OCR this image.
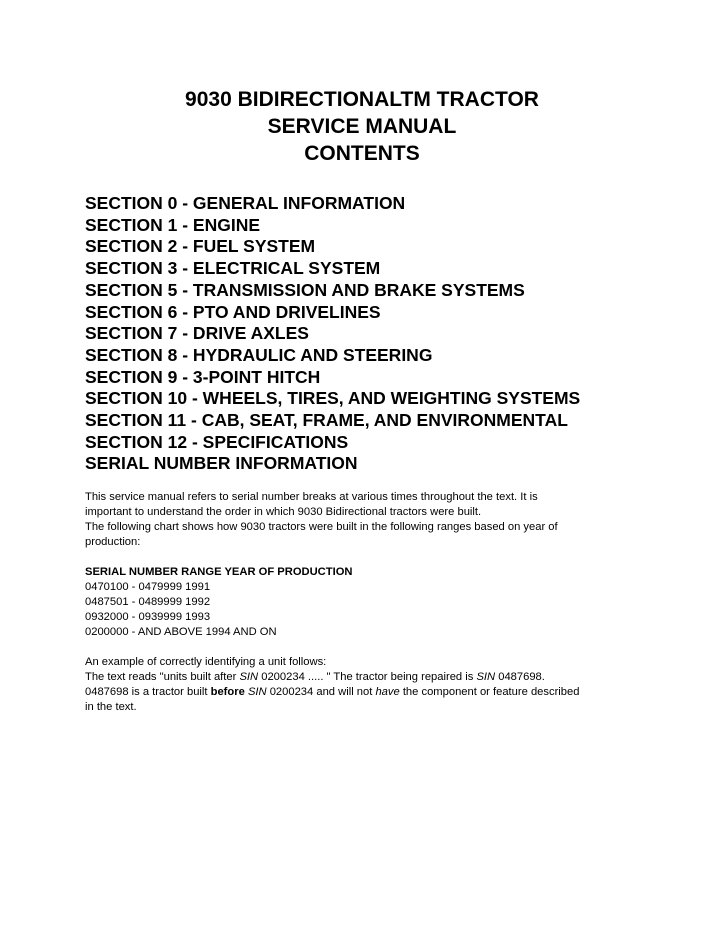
9030 BIDIRECTIONALTM TRACTOR
SERVICE MANUAL
CONTENTS
SECTION 0 - GENERAL INFORMATION
SECTION 1 - ENGINE
SECTION 2 - FUEL SYSTEM
SECTION 3 - ELECTRICAL SYSTEM
SECTION 5 - TRANSMISSION AND BRAKE SYSTEMS
SECTION 6 - PTO AND DRIVELINES
SECTION 7 - DRIVE AXLES
SECTION 8 - HYDRAULIC AND STEERING
SECTION 9 - 3-POINT HITCH
SECTION 10 - WHEELS, TIRES, AND WEIGHTING SYSTEMS
SECTION 11 - CAB, SEAT, FRAME, AND ENVIRONMENTAL
SECTION 12 - SPECIFICATIONS
SERIAL NUMBER INFORMATION
This service manual refers to serial number breaks at various times throughout the text. It is
important to understand the order in which 9030 Bidirectional tractors were built.
The following chart shows how 9030 tractors were built in the following ranges based on year of
production:
SERIAL NUMBER RANGE YEAR OF PRODUCTION
0470100 - 0479999 1991
0487501 - 0489999 1992
0932000 - 0939999 1993
0200000 - AND ABOVE 1994 AND ON
An example of correctly identifying a unit follows:
The text reads "units built after SIN 0200234 ..... " The tractor being repaired is SIN 0487698.
0487698 is a tractor built before SIN 0200234 and will not have the component or feature described
in the text.
